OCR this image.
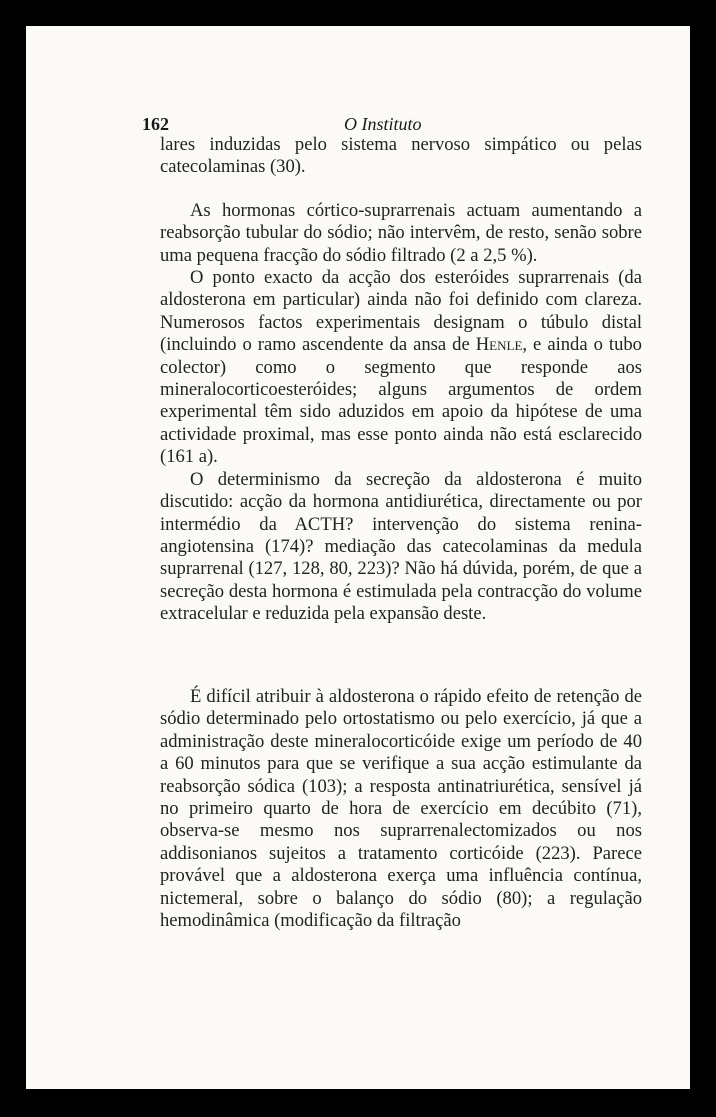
162	O Instituto

lares induzidas pelo sistema nervoso simpático ou pelas catecolaminas (30).

As hormonas córtico-suprarrenais actuam aumentando a reabsorção tubular do sódio; não intervêm, de resto, senão sobre uma pequena fracção do sódio filtrado (2 a 2,5 %).

O ponto exacto da acção dos esteróides suprarrenais (da aldosterona em particular) ainda não foi definido com clareza. Numerosos factos experimentais designam o túbulo distal (incluindo o ramo ascendente da ansa de Henle, e ainda o tubo colector) como o segmento que responde aos mineralocorticoesteróides; alguns argumentos de ordem experimental têm sido aduzidos em apoio da hipótese de uma actividade proximal, mas esse ponto ainda não está esclarecido (161 a).

O determinismo da secreção da aldosterona é muito discutido: acção da hormona antidiurética, directamente ou por intermédio da ACTH? intervenção do sistema renina-angiotensina (174)? mediação das catecolaminas da medula suprarrenal (127, 128, 80, 223)? Não há dúvida, porém, de que a secreção desta hormona é estimulada pela contracção do volume extracelular e reduzida pela expansão deste.

É difícil atribuir à aldosterona o rápido efeito de retenção de sódio determinado pelo ortostatismo ou pelo exercício, já que a administração deste mineralocorticóide exige um período de 40 a 60 minutos para que se verifique a sua acção estimulante da reabsorção sódica (103); a resposta antinatriurética, sensível já no primeiro quarto de hora de exercício em decúbito (71), observa-se mesmo nos suprarrenalectomizados ou nos addisonianos sujeitos a tratamento corticóide (223). Parece provável que a aldosterona exerça uma influência contínua, nictemeral, sobre o balanço do sódio (80); a regulação hemodinâmica (modificação da filtração
